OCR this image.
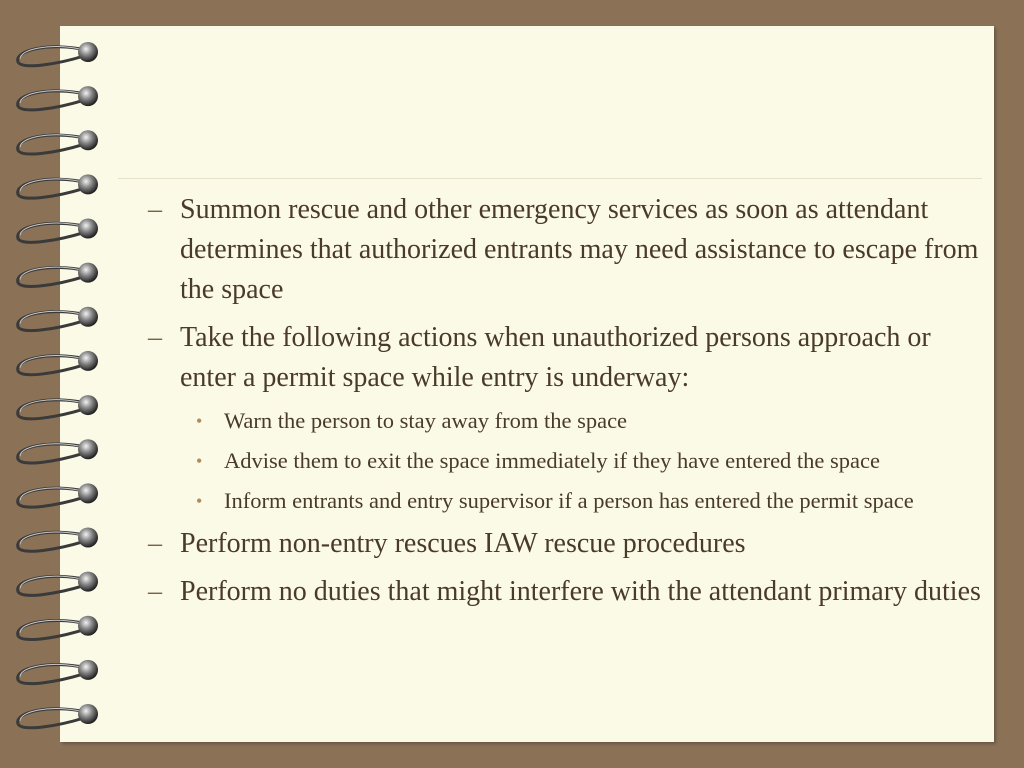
– Summon rescue and other emergency services as soon as attendant determines that authorized entrants may need assistance to escape from the space
– Take the following actions when unauthorized persons approach or enter a permit space while entry is underway:
• Warn the person to stay away from the space
• Advise them to exit the space immediately if they have entered the space
• Inform entrants and entry supervisor if a person has entered the permit space
– Perform non-entry rescues IAW rescue procedures
– Perform no duties that might interfere with the attendant primary duties
